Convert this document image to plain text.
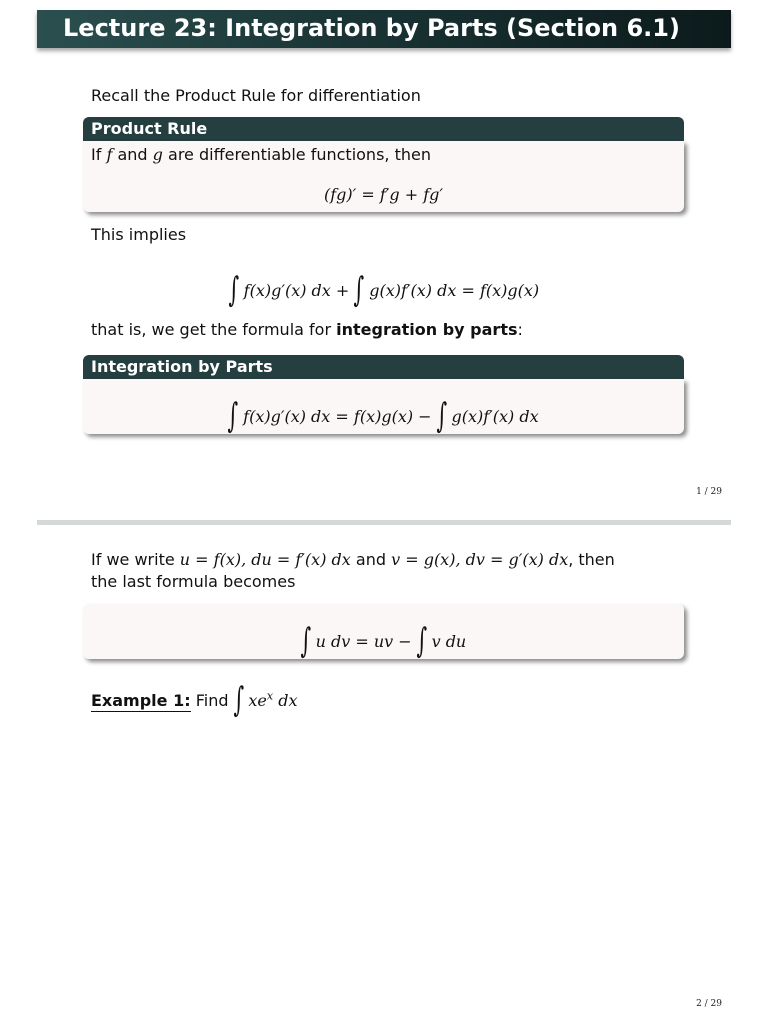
Lecture 23: Integration by Parts (Section 6.1)
Recall the Product Rule for differentiation
Product Rule
If f and g are differentiable functions, then
(fg)′ = f′g + fg′
This implies
∫ f(x)g′(x) dx + ∫ g(x)f′(x) dx = f(x)g(x)
that is, we get the formula for integration by parts:
Integration by Parts
∫ f(x)g′(x) dx = f(x)g(x) − ∫ g(x)f′(x) dx
1 / 29
If we write u = f(x), du = f′(x) dx and v = g(x), dv = g′(x) dx, then
the last formula becomes
∫ u dv = uv − ∫ v du
Example 1: Find ∫ $xe^x$ dx
2 / 29
